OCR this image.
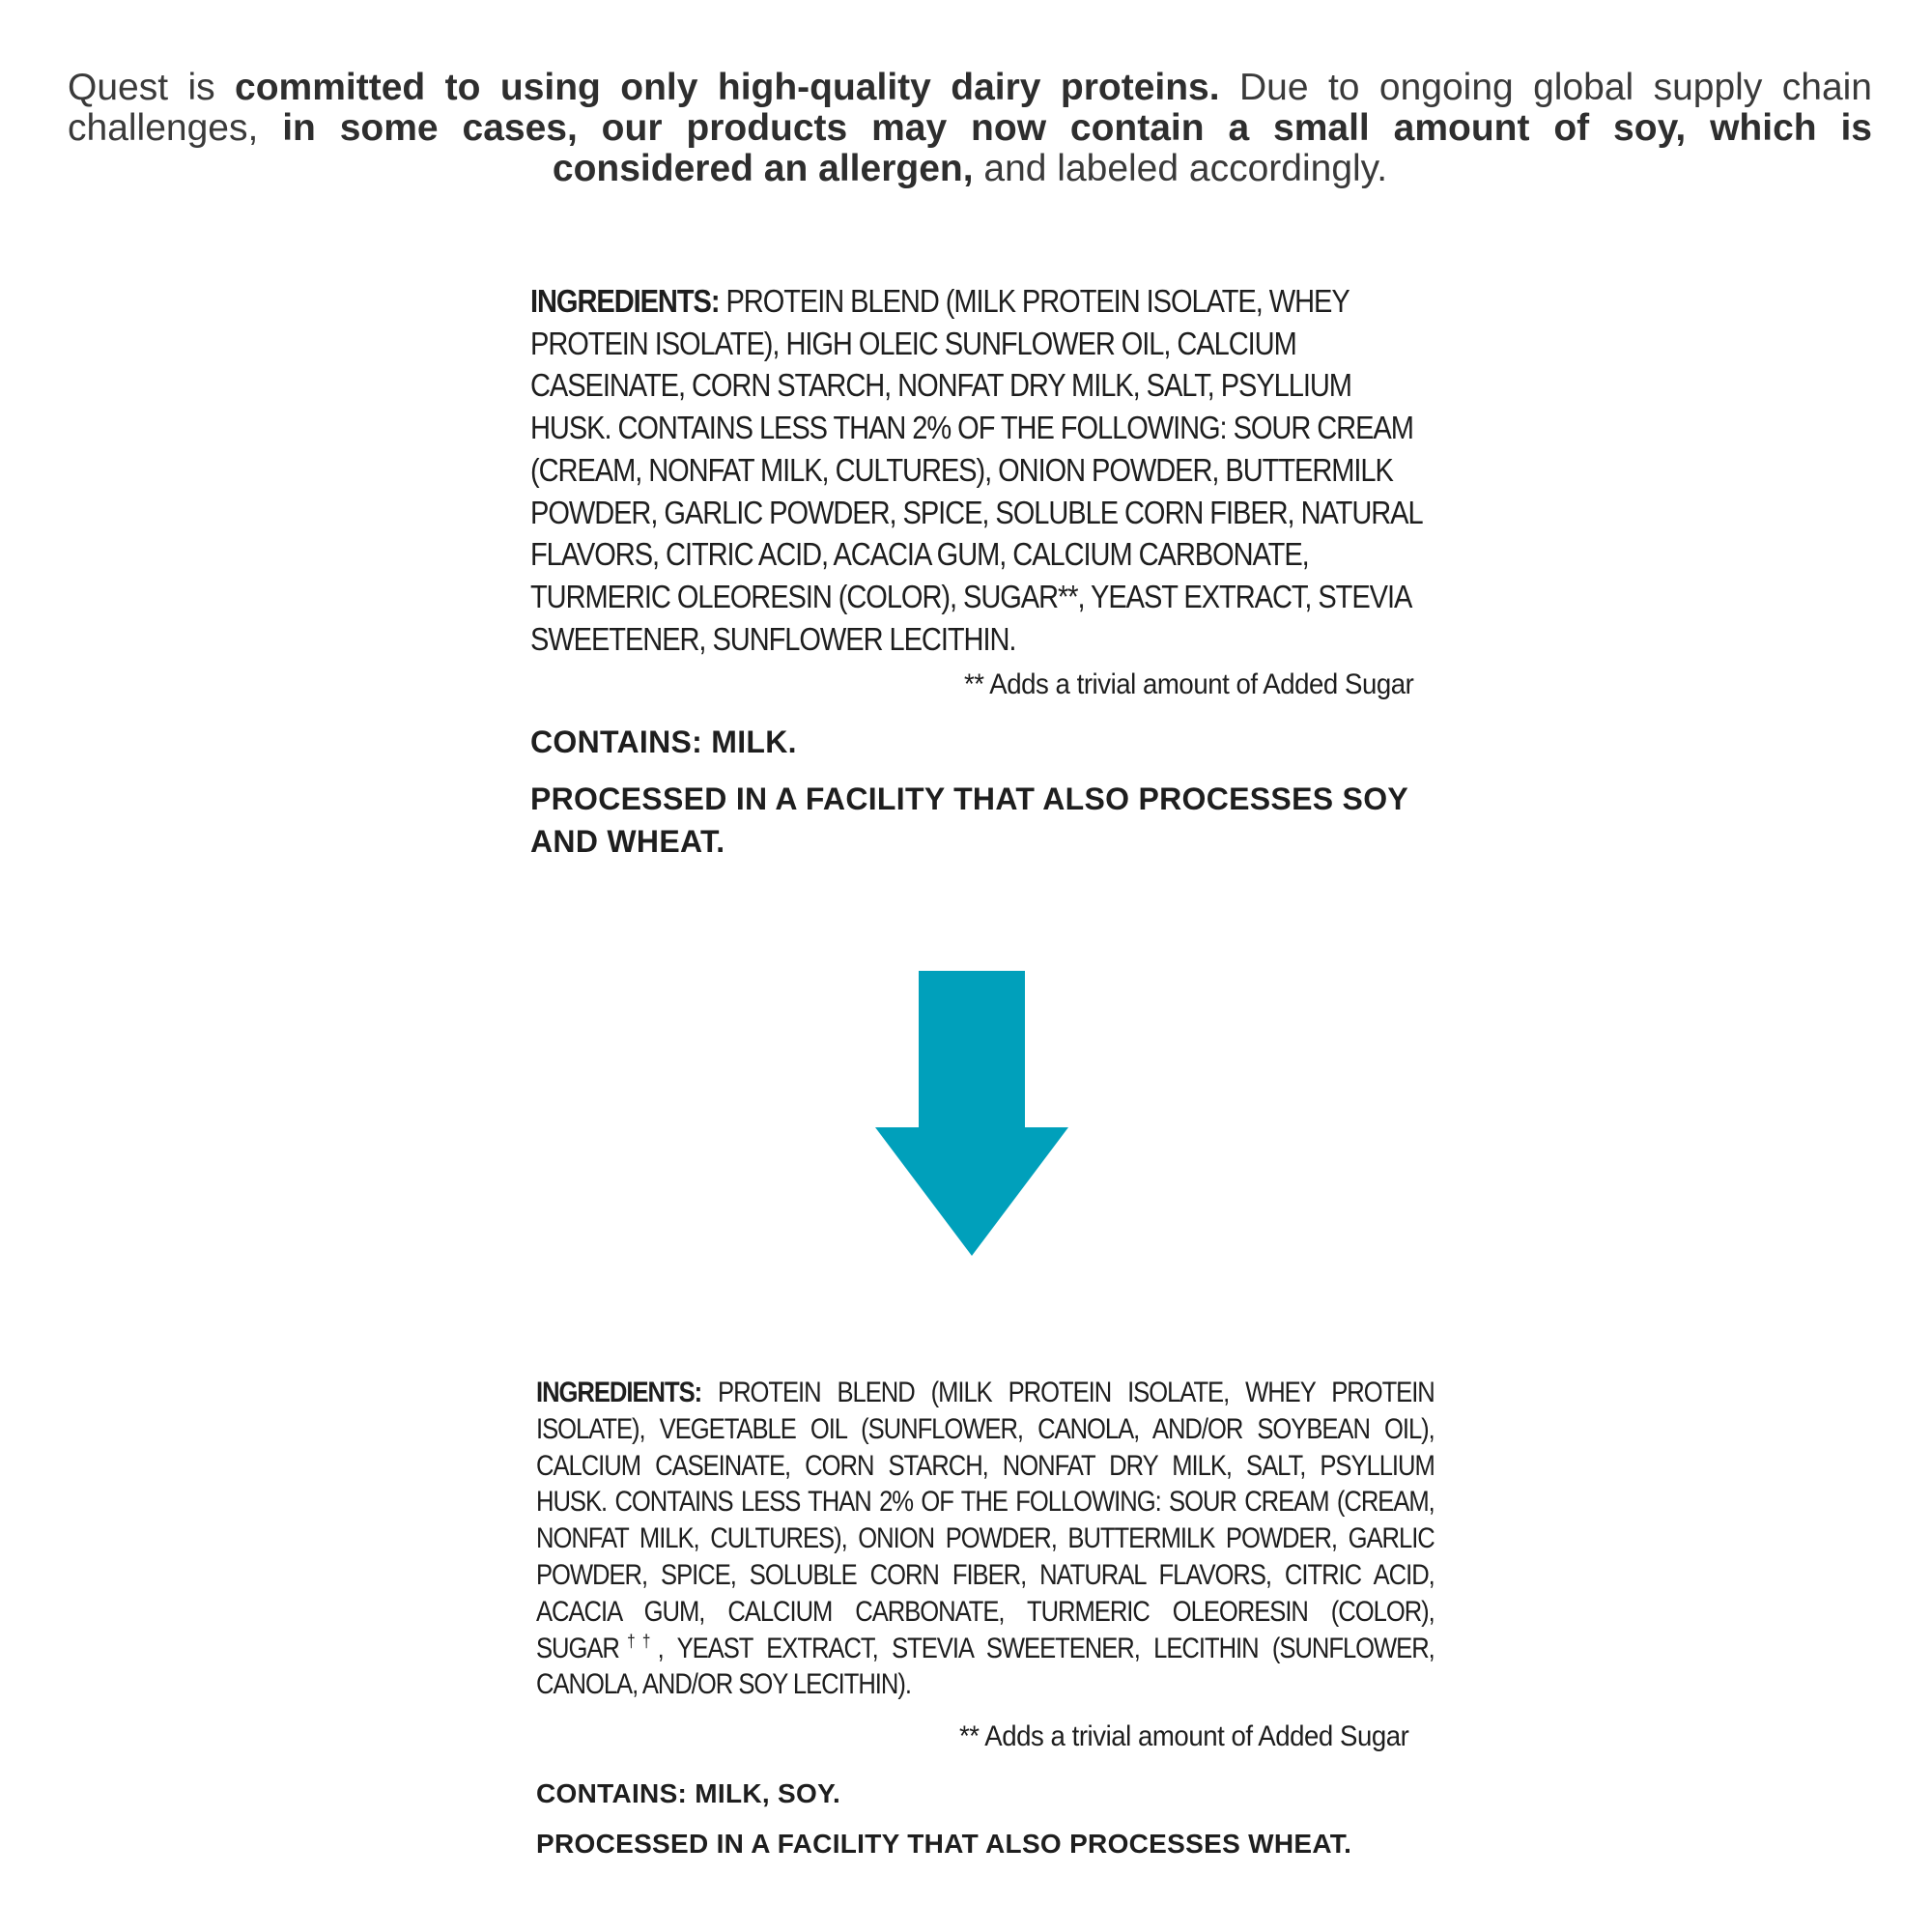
Quest is committed to using only high-quality dairy proteins. Due to ongoing global supply chain challenges, in some cases, our products may now contain a small amount of soy, which is considered an allergen, and labeled accordingly.
INGREDIENTS: PROTEIN BLEND (MILK PROTEIN ISOLATE, WHEY PROTEIN ISOLATE), HIGH OLEIC SUNFLOWER OIL, CALCIUM CASEINATE, CORN STARCH, NONFAT DRY MILK, SALT, PSYLLIUM HUSK. CONTAINS LESS THAN 2% OF THE FOLLOWING: SOUR CREAM (CREAM, NONFAT MILK, CULTURES), ONION POWDER, BUTTERMILK POWDER, GARLIC POWDER, SPICE, SOLUBLE CORN FIBER, NATURAL FLAVORS, CITRIC ACID, ACACIA GUM, CALCIUM CARBONATE, TURMERIC OLEORESIN (COLOR), SUGAR**, YEAST EXTRACT, STEVIA SWEETENER, SUNFLOWER LECITHIN.
** Adds a trivial amount of Added Sugar
CONTAINS: MILK.
PROCESSED IN A FACILITY THAT ALSO PROCESSES SOY AND WHEAT.
INGREDIENTS: PROTEIN BLEND (MILK PROTEIN ISOLATE, WHEY PROTEIN ISOLATE), VEGETABLE OIL (SUNFLOWER, CANOLA, AND/OR SOYBEAN OIL), CALCIUM CASEINATE, CORN STARCH, NONFAT DRY MILK, SALT, PSYLLIUM HUSK. CONTAINS LESS THAN 2% OF THE FOLLOWING: SOUR CREAM (CREAM, NONFAT MILK, CULTURES), ONION POWDER, BUTTERMILK POWDER, GARLIC POWDER, SPICE, SOLUBLE CORN FIBER, NATURAL FLAVORS, CITRIC ACID, ACACIA GUM, CALCIUM CARBONATE, TURMERIC OLEORESIN (COLOR), SUGAR††, YEAST EXTRACT, STEVIA SWEETENER, LECITHIN (SUNFLOWER, CANOLA, AND/OR SOY LECITHIN).
** Adds a trivial amount of Added Sugar
CONTAINS: MILK, SOY.
PROCESSED IN A FACILITY THAT ALSO PROCESSES WHEAT.
